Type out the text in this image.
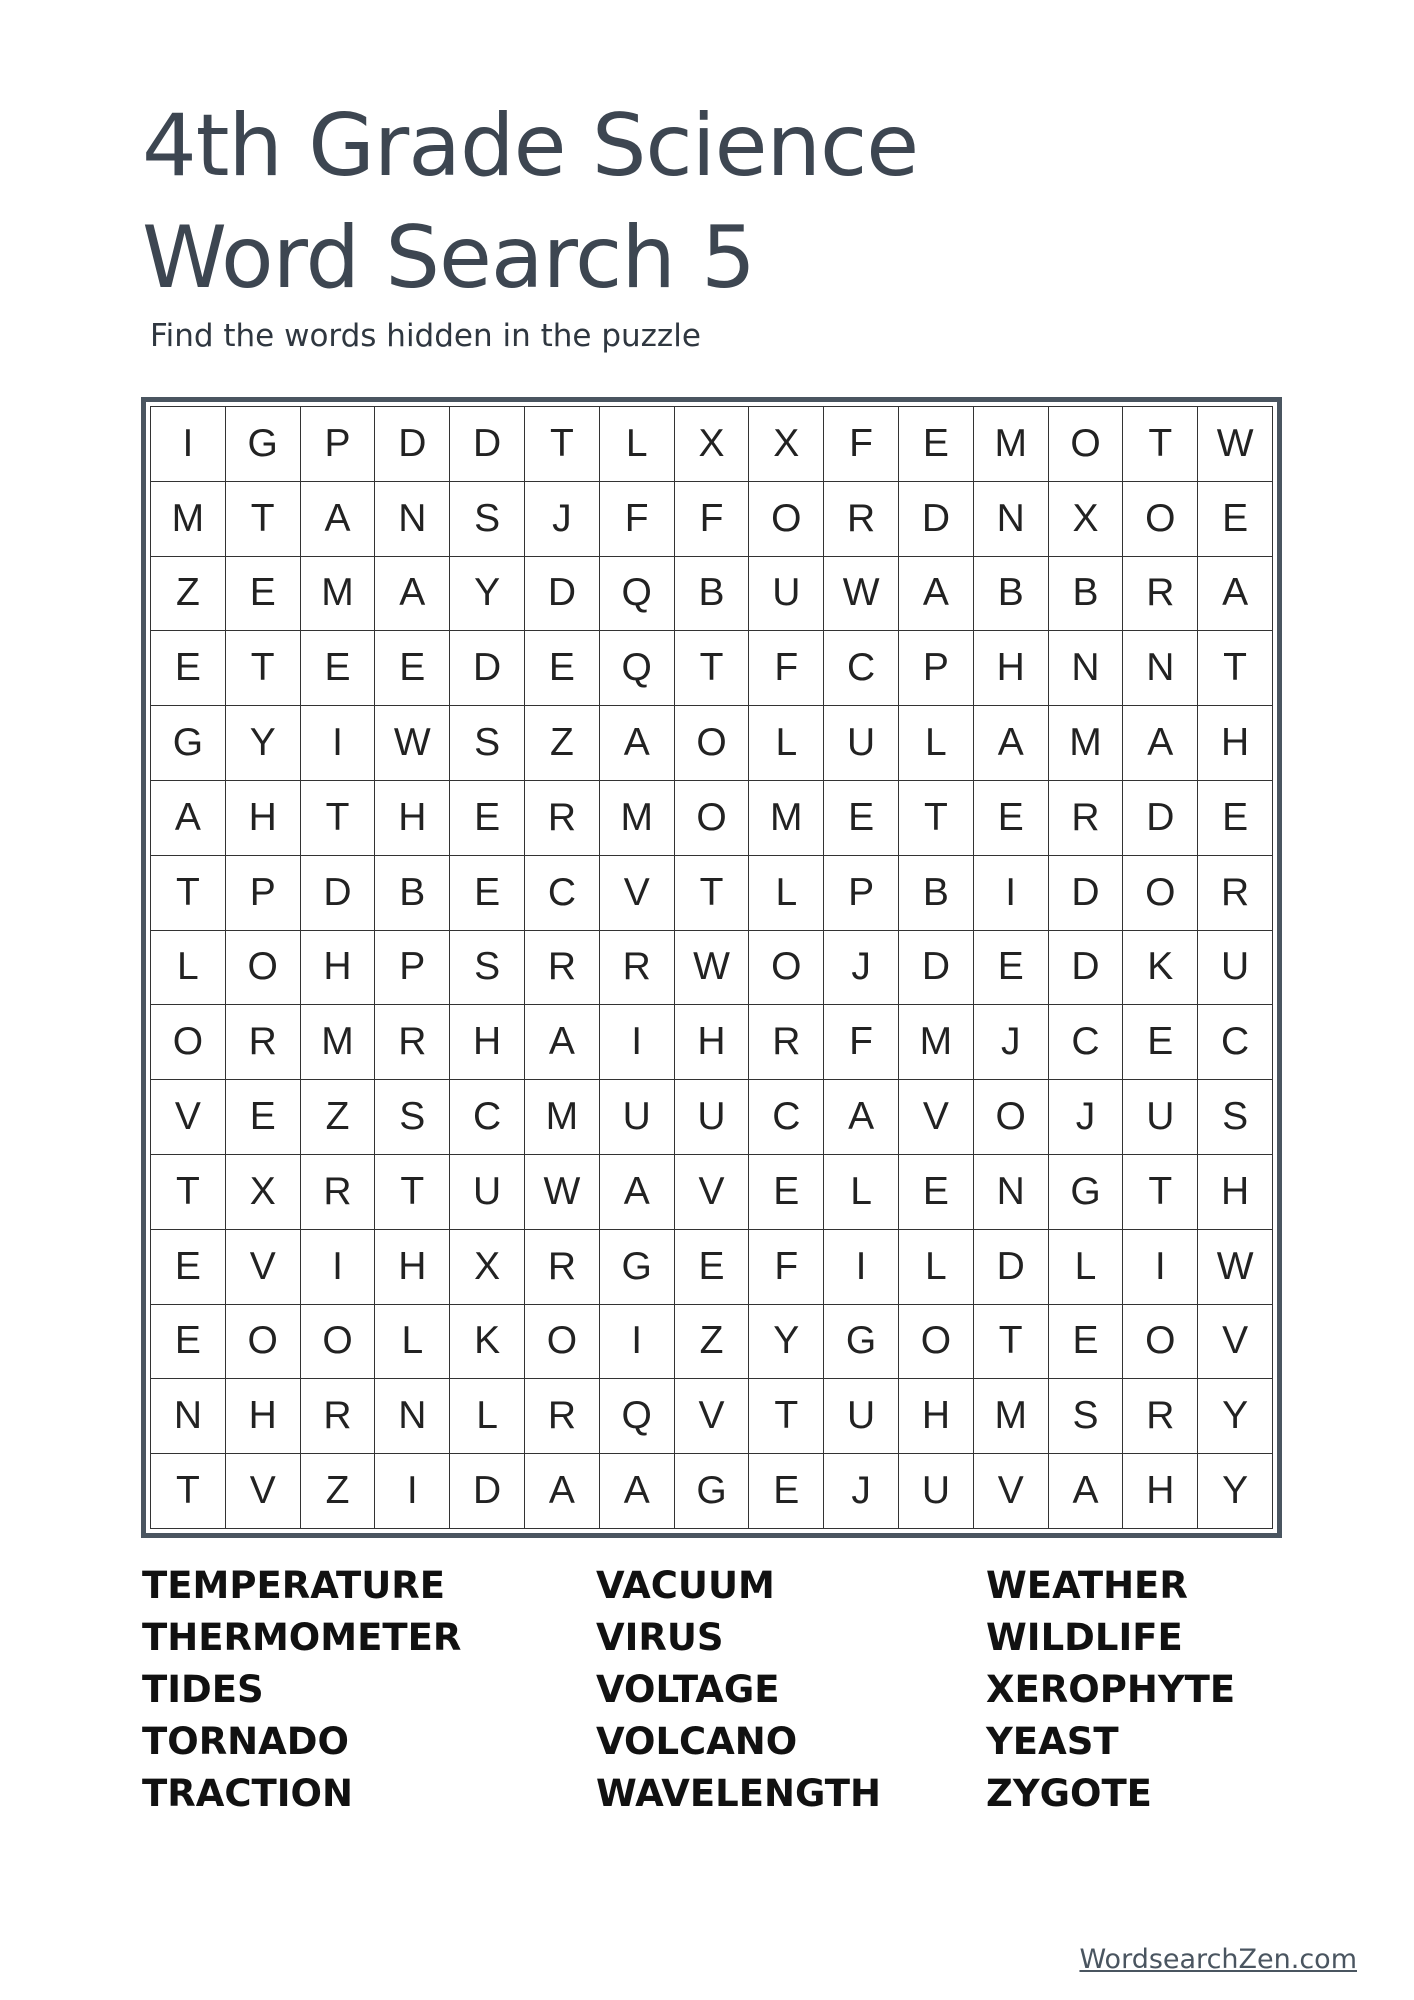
4th Grade Science
Word Search 5
Find the words hidden in the puzzle
I	G	P	D	D	T	L	X	X	F	E	M	O	T	W
M	T	A	N	S	J	F	F	O	R	D	N	X	O	E
Z	E	M	A	Y	D	Q	B	U	W	A	B	B	R	A
E	T	E	E	D	E	Q	T	F	C	P	H	N	N	T
G	Y	I	W	S	Z	A	O	L	U	L	A	M	A	H
A	H	T	H	E	R	M	O	M	E	T	E	R	D	E
T	P	D	B	E	C	V	T	L	P	B	I	D	O	R
L	O	H	P	S	R	R	W	O	J	D	E	D	K	U
O	R	M	R	H	A	I	H	R	F	M	J	C	E	C
V	E	Z	S	C	M	U	U	C	A	V	O	J	U	S
T	X	R	T	U	W	A	V	E	L	E	N	G	T	H
E	V	I	H	X	R	G	E	F	I	L	D	L	I	W
E	O	O	L	K	O	I	Z	Y	G	O	T	E	O	V
N	H	R	N	L	R	Q	V	T	U	H	M	S	R	Y
T	V	Z	I	D	A	A	G	E	J	U	V	A	H	Y
TEMPERATURE
THERMOMETER
TIDES
TORNADO
TRACTION
VACUUM
VIRUS
VOLTAGE
VOLCANO
WAVELENGTH
WEATHER
WILDLIFE
XEROPHYTE
YEAST
ZYGOTE
WordsearchZen.com
